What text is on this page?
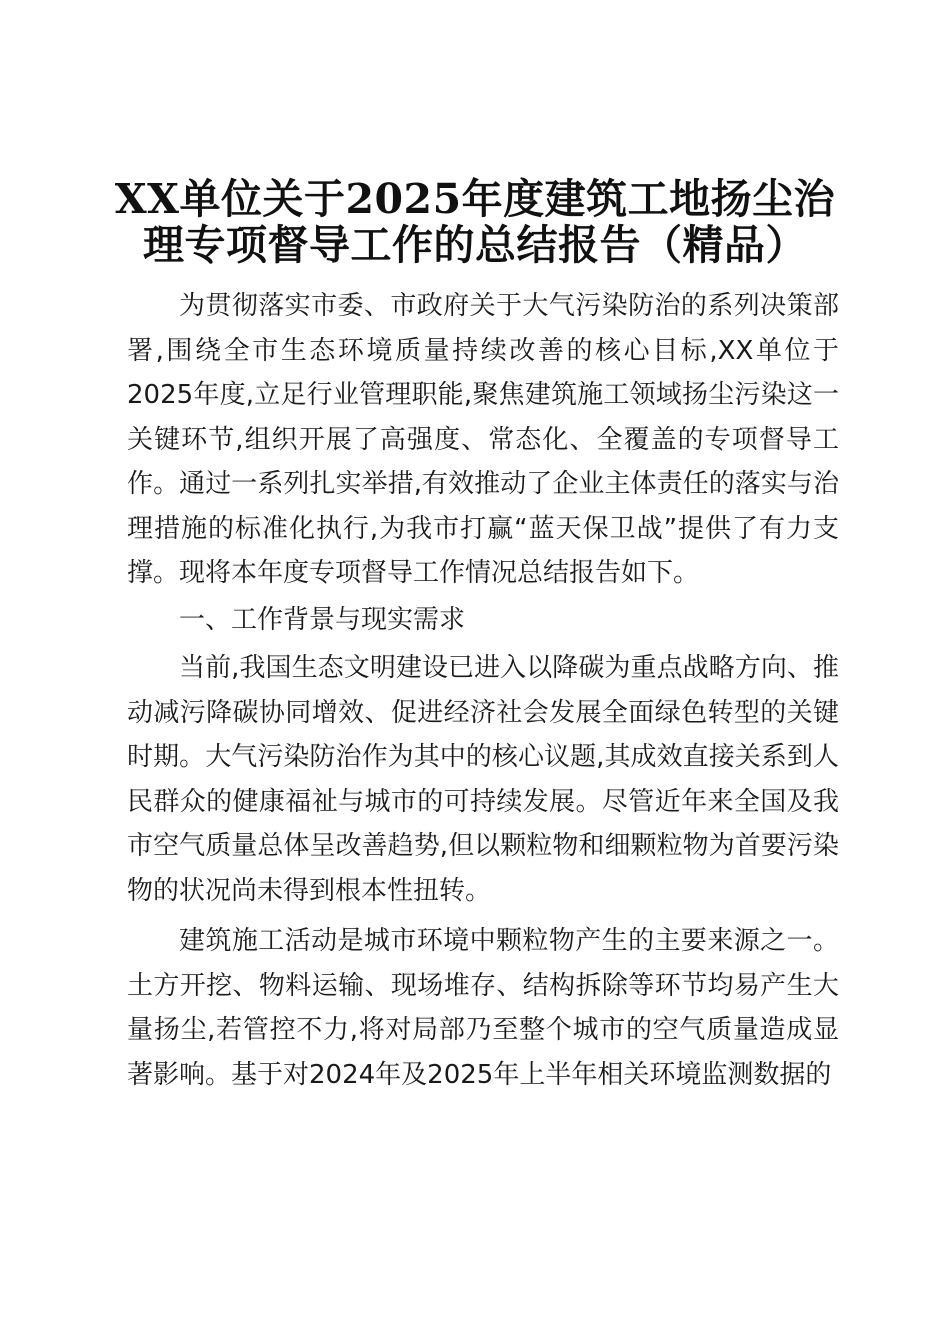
XX单位关于2025年度建筑工地扬尘治
理专项督导工作的总结报告（精品）

为贯彻落实市委、市政府关于大气污染防治的系列决策部署,围绕全市生态环境质量持续改善的核心目标,XX单位于2025年度,立足行业管理职能,聚焦建筑施工领域扬尘污染这一关键环节,组织开展了高强度、常态化、全覆盖的专项督导工作。通过一系列扎实举措,有效推动了企业主体责任的落实与治理措施的标准化执行,为我市打赢“蓝天保卫战”提供了有力支撑。现将本年度专项督导工作情况总结报告如下。

一、工作背景与现实需求

当前,我国生态文明建设已进入以降碳为重点战略方向、推动减污降碳协同增效、促进经济社会发展全面绿色转型的关键时期。大气污染防治作为其中的核心议题,其成效直接关系到人民群众的健康福祉与城市的可持续发展。尽管近年来全国及我市空气质量总体呈改善趋势,但以颗粒物和细颗粒物为首要污染物的状况尚未得到根本性扭转。

建筑施工活动是城市环境中颗粒物产生的主要来源之一。土方开挖、物料运输、现场堆存、结构拆除等环节均易产生大量扬尘,若管控不力,将对局部乃至整个城市的空气质量造成显著影响。基于对2024年及2025年上半年相关环境监测数据的
